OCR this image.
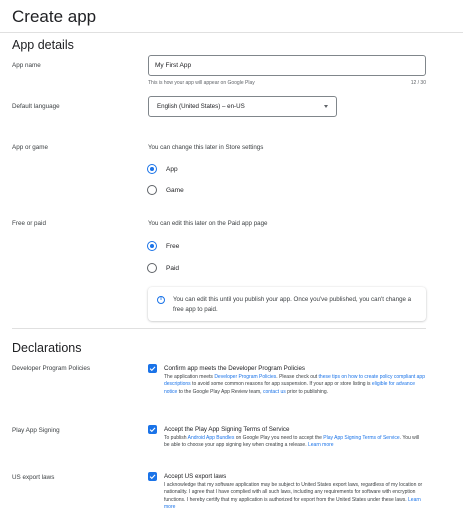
Create app
App details
App name	My First App
This is how your app will appear on Google Play	12 / 30
Default language	English (United States) – en-US
App or game	You can change this later in Store settings
App
Game
Free or paid	You can edit this later on the Paid app page
Free
Paid
i	You can edit this until you publish your app. Once you've published, you can't change a free app to paid.
Declarations
Developer Program Policies	Confirm app meets the Developer Program Policies
The application meets Developer Program Policies. Please check out these tips on how to create policy compliant app descriptions to avoid some common reasons for app suspension. If your app or store listing is eligible for advance notice to the Google Play App Review team, contact us prior to publishing.
Play App Signing	Accept the Play App Signing Terms of Service
To publish Android App Bundles on Google Play you need to accept the Play App Signing Terms of Service. You will be able to choose your app signing key when creating a release. Learn more
US export laws	Accept US export laws
I acknowledge that my software application may be subject to United States export laws, regardless of my location or nationality. I agree that I have complied with all such laws, including any requirements for software with encryption functions. I hereby certify that my application is authorized for export from the United States under these laws. Learn more
